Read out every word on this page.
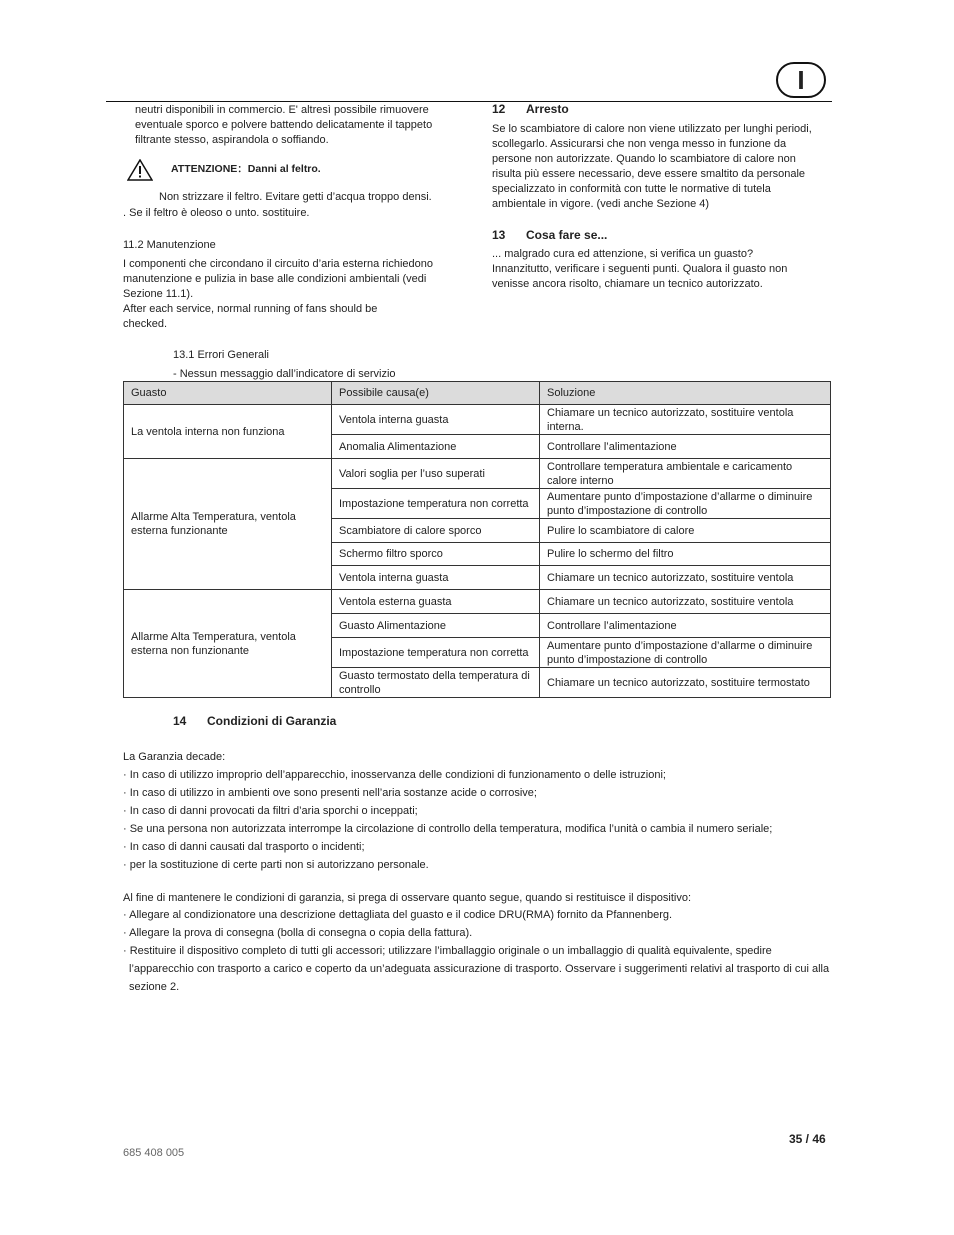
I
neutri disponibili in commercio. E' altresì possibile rimuovere
eventuale sporco e polvere battendo delicatamente il tappeto
filtrante stesso, aspirandola o soffiando.
ATTENZIONE：Danni al feltro.
Non strizzare il feltro. Evitare getti d’acqua troppo densi.
. Se il feltro è oleoso o unto. sostituire.
11.2 Manutenzione
I componenti che circondano il circuito d’aria esterna richiedono
manutenzione e pulizia in base alle condizioni ambientali (vedi
Sezione 11.1).
After each service, normal running of fans should be
checked.
12 Arresto
Se lo scambiatore di calore non viene utilizzato per lunghi periodi,
scollegarlo. Assicurarsi che non venga messo in funzione da
persone non autorizzate. Quando lo scambiatore di calore non
risulta più essere necessario, deve essere smaltito da personale
specializzato in conformità con tutte le normative di tutela
ambientale in vigore. (vedi anche Sezione 4)
13 Cosa fare se...
... malgrado cura ed attenzione, si verifica un guasto?
Innanzitutto, verificare i seguenti punti. Qualora il guasto non
venisse ancora risolto, chiamare un tecnico autorizzato.
13.1 Errori Generali
- Nessun messaggio dall’indicatore di servizio
Guasto	Possibile causa(e)	Soluzione
La ventola interna non funziona	Ventola interna guasta	Chiamare un tecnico autorizzato, sostituire ventola interna.
	Anomalia Alimentazione	Controllare l’alimentazione
Allarme Alta Temperatura, ventola esterna funzionante	Valori soglia per l’uso superati	Controllare temperatura ambientale e caricamento calore interno
	Impostazione temperatura non corretta	Aumentare punto d’impostazione d’allarme o diminuire punto d’impostazione di controllo
	Scambiatore di calore sporco	Pulire lo scambiatore di calore
	Schermo filtro sporco	Pulire lo schermo del filtro
	Ventola interna guasta	Chiamare un tecnico autorizzato, sostituire ventola
Allarme Alta Temperatura, ventola esterna non funzionante	Ventola esterna guasta	Chiamare un tecnico autorizzato, sostituire ventola
	Guasto Alimentazione	Controllare l’alimentazione
	Impostazione temperatura non corretta	Aumentare punto d’impostazione d’allarme o diminuire punto d’impostazione di controllo
	Guasto termostato della temperatura di controllo	Chiamare un tecnico autorizzato, sostituire termostato
14 Condizioni di Garanzia
La Garanzia decade:
· In caso di utilizzo improprio dell’apparecchio, inosservanza delle condizioni di funzionamento o delle istruzioni;
· In caso di utilizzo in ambienti ove sono presenti nell’aria sostanze acide o corrosive;
· In caso di danni provocati da filtri d’aria sporchi o inceppati;
· Se una persona non autorizzata interrompe la circolazione di controllo della temperatura, modifica l’unità o cambia il numero seriale;
· In caso di danni causati dal trasporto o incidenti;
· per la sostituzione di certe parti non si autorizzano personale.
Al fine di mantenere le condizioni di garanzia, si prega di osservare quanto segue, quando si restituisce il dispositivo:
· Allegare al condizionatore una descrizione dettagliata del guasto e il codice DRU(RMA) fornito da Pfannenberg.
· Allegare la prova di consegna (bolla di consegna o copia della fattura).
· Restituire il dispositivo completo di tutti gli accessori; utilizzare l’imballaggio originale o un imballaggio di qualità equivalente, spedire l’apparecchio con trasporto a carico e coperto da un’adeguata assicurazione di trasporto. Osservare i suggerimenti relativi al trasporto di cui alla sezione 2.
35 / 46
685 408 005
